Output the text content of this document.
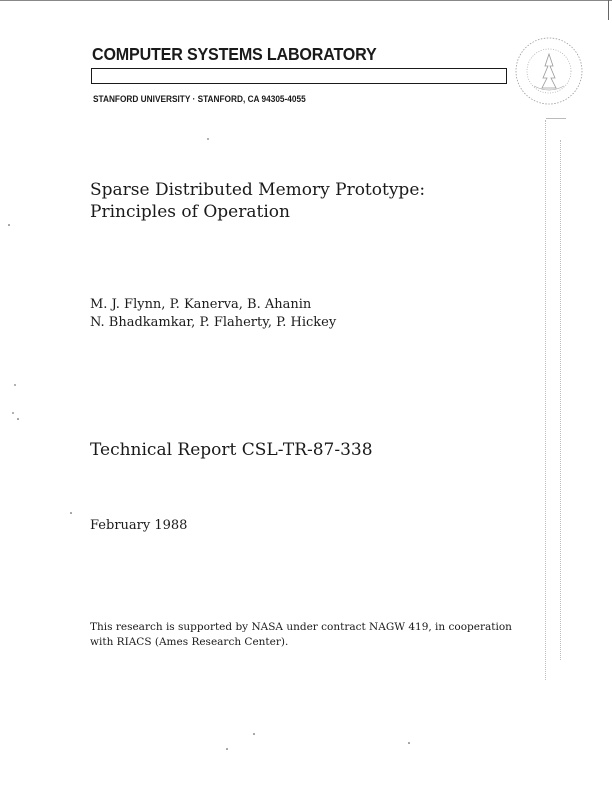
COMPUTER SYSTEMS LABORATORY
STANFORD UNIVERSITY · STANFORD, CA 94305-4055
Sparse Distributed Memory Prototype:
Principles of Operation
M. J. Flynn, P. Kanerva, B. Ahanin
N. Bhadkamkar, P. Flaherty, P. Hickey
Technical Report CSL-TR-87-338
February 1988
This research is supported by NASA under contract NAGW 419, in cooperation
with RIACS (Ames Research Center).
